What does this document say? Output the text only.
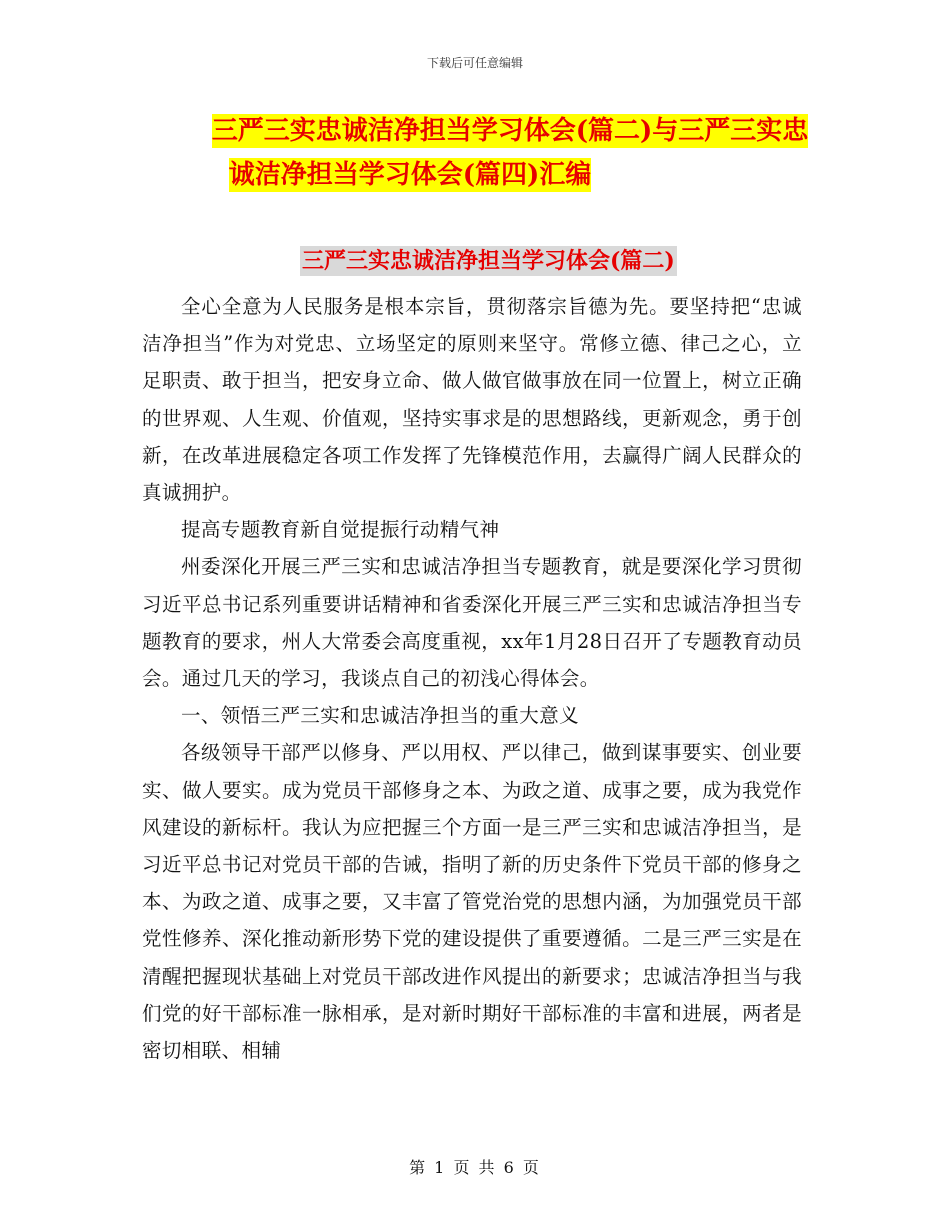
下载后可任意编辑
三严三实忠诚洁净担当学习体会(篇二)与三严三实忠
诚洁净担当学习体会(篇四)汇编
三严三实忠诚洁净担当学习体会(篇二)

全心全意为人民服务是根本宗旨，贯彻落宗旨德为先。要坚持把“忠诚洁净担当”作为对党忠、立场坚定的原则来坚守。常修立德、律己之心，立足职责、敢于担当，把安身立命、做人做官做事放在同一位置上，树立正确的世界观、人生观、价值观，坚持实事求是的思想路线，更新观念，勇于创新，在改革进展稳定各项工作发挥了先锋模范作用，去赢得广阔人民群众的真诚拥护。

提高专题教育新自觉提振行动精气神

州委深化开展三严三实和忠诚洁净担当专题教育，就是要深化学习贯彻习近平总书记系列重要讲话精神和省委深化开展三严三实和忠诚洁净担当专题教育的要求，州人大常委会高度重视，xx年1月28日召开了专题教育动员会。通过几天的学习，我谈点自己的初浅心得体会。

一、领悟三严三实和忠诚洁净担当的重大意义

各级领导干部严以修身、严以用权、严以律己，做到谋事要实、创业要实、做人要实。成为党员干部修身之本、为政之道、成事之要，成为我党作风建设的新标杆。我认为应把握三个方面一是三严三实和忠诚洁净担当，是习近平总书记对党员干部的告诫，指明了新的历史条件下党员干部的修身之本、为政之道、成事之要，又丰富了管党治党的思想内涵，为加强党员干部党性修养、深化推动新形势下党的建设提供了重要遵循。二是三严三实是在清醒把握现状基础上对党员干部改进作风提出的新要求；忠诚洁净担当与我们党的好干部标准一脉相承，是对新时期好干部标准的丰富和进展，两者是密切相联、相辅

第 1 页 共 6 页
